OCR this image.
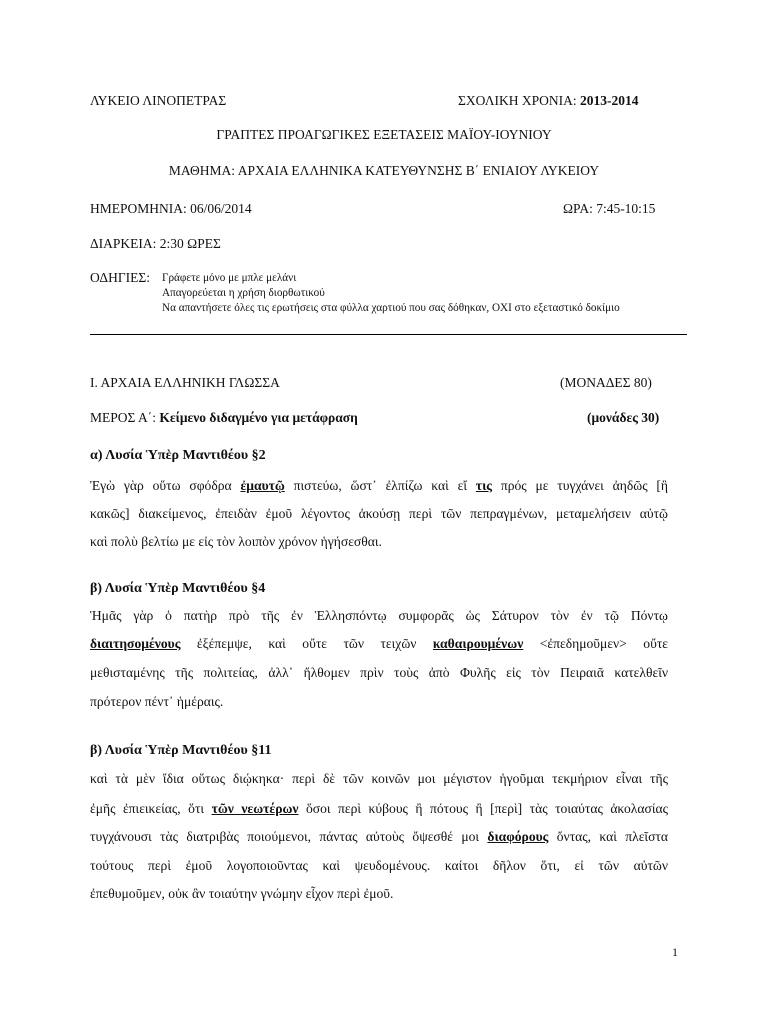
ΛΥΚΕΙΟ ΛΙΝΟΠΕΤΡΑΣ	ΣΧΟΛΙΚΗ ΧΡΟΝΙΑ: 2013-2014
ΓΡΑΠΤΕΣ ΠΡΟΑΓΩΓΙΚΕΣ ΕΞΕΤΑΣΕΙΣ ΜΑΪΟΥ-ΙΟΥΝΙΟΥ
ΜΑΘΗΜΑ: ΑΡΧΑΙΑ ΕΛΛΗΝΙΚΑ ΚΑΤΕΥΘΥΝΣΗΣ Β΄ ΕΝΙΑΙΟΥ ΛΥΚΕΙΟΥ
ΗΜΕΡΟΜΗΝΙΑ: 06/06/2014	ΩΡΑ: 7:45-10:15
ΔΙΑΡΚΕΙΑ: 2:30 ΩΡΕΣ
ΟΔΗΓΙΕΣ: Γράφετε μόνο με μπλε μελάνι
Απαγορεύεται η χρήση διορθωτικού
Να απαντήσετε όλες τις ερωτήσεις στα φύλλα χαρτιού που σας δόθηκαν, ΟΧΙ στο εξεταστικό δοκίμιο
Ι. ΑΡΧΑΙΑ ΕΛΛΗΝΙΚΗ ΓΛΩΣΣΑ	(ΜΟΝΑΔΕΣ 80)
ΜΕΡΟΣ Α΄: Κείμενο διδαγμένο για μετάφραση	(μονάδες 30)
α) Λυσία Ὑπὲρ Μαντιθέου §2
Ἐγὼ γὰρ οὕτω σφόδρα ἐμαυτῷ πιστεύω, ὥστ᾽ ἐλπίζω καὶ εἴ τις πρός με τυγχάνει ἀηδῶς [ἢ
κακῶς] διακείμενος, ἐπειδὰν ἐμοῦ λέγοντος ἀκούσῃ περὶ τῶν πεπραγμένων, μεταμελήσειν αὐτῷ
καὶ πολὺ βελτίω με εἰς τὸν λοιπὸν χρόνον ἡγήσεσθαι.
β) Λυσία Ὑπὲρ Μαντιθέου §4
Ἡμᾶς γὰρ ὁ πατὴρ πρὸ τῆς ἐν Ἑλλησπόντῳ συμφορᾶς ὡς Σάτυρον τὸν ἐν τῷ Πόντῳ
διαιτησομένους ἐξέπεμψε, καὶ οὔτε τῶν τειχῶν καθαιρουμένων <ἐπεδημοῦμεν> οὔτε
μεθισταμένης τῆς πολιτείας, ἀλλ᾽ ἤλθομεν πρὶν τοὺς ἀπὸ Φυλῆς εἰς τὸν Πειραιᾶ κατελθεῖν
πρότερον πέντ᾽ ἡμέραις.
β) Λυσία Ὑπὲρ Μαντιθέου §11
καὶ τὰ μὲν ἴδια οὕτως διῴκηκα· περὶ δὲ τῶν κοινῶν μοι μέγιστον ἡγοῦμαι τεκμήριον εἶναι τῆς
ἐμῆς ἐπιεικείας, ὅτι τῶν νεωτέρων ὅσοι περὶ κύβους ἢ πότους ἢ [περὶ] τὰς τοιαύτας ἀκολασίας
τυγχάνουσι τὰς διατριβὰς ποιούμενοι, πάντας αὐτοὺς ὄψεσθέ μοι διαφόρους ὄντας, καὶ πλεῖστα
τούτους περὶ ἐμοῦ λογοποιοῦντας καὶ ψευδομένους. καίτοι δῆλον ὅτι, εἰ τῶν αὐτῶν
ἐπεθυμοῦμεν, οὐκ ἂν τοιαύτην γνώμην εἶχον περὶ ἐμοῦ.
1
